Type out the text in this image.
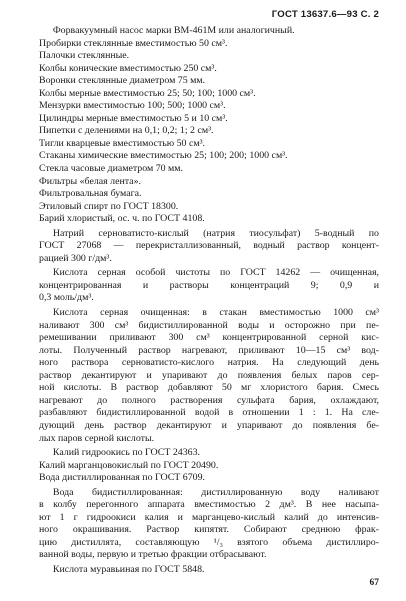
ГОСТ 13637.6—93 С. 2
Форвакуумный насос марки ВМ-461М или аналогичный.
Пробирки стеклянные вместимостью 50 см³.
Палочки стеклянные.
Колбы конические вместимостью 250 см³.
Воронки стеклянные диаметром 75 мм.
Колбы мерные вместимостью 25; 50; 100; 1000 см³.
Мензурки вместимостью 100; 500; 1000 см³.
Цилиндры мерные вместимостью 5 и 10 см³.
Пипетки с делениями на 0,1; 0,2; 1; 2 см³.
Тигли кварцевые вместимостью 50 см³.
Стаканы химические вместимостью 25; 100; 200; 1000 см³.
Стекла часовые диаметром 70 мм.
Фильтры «белая лента».
Фильтровальная бумага.
Этиловый спирт по ГОСТ 18300.
Барий хлористый, ос. ч. по ГОСТ 4108.
Натрий серноватисто-кислый (натрия тиосульфат) 5-водный по
ГОСТ 27068 — перекристаллизованный, водный раствор концент-
рацией 300 г/дм³.
Кислота серная особой чистоты по ГОСТ 14262 — очищенная,
концентрированная и растворы концентраций 9; 0,9 и
0,3 моль/дм³.
Кислота серная очищенная: в стакан вместимостью 1000 см³
наливают 300 см³ бидистиллированной воды и осторожно при пе-
ремешивании приливают 300 см³ концентрированной серной кис-
лоты. Полученный раствор нагревают, приливают 10—15 см³ вод-
ного раствора серноватисто-кислого натрия. На следующий день
раствор декантируют и упаривают до появления белых паров сер-
ной кислоты. В раствор добавляют 50 мг хлористого бария. Смесь
нагревают до полного растворения сульфата бария, охлаждают,
разбавляют бидистиллированной водой в отношении 1 : 1. На сле-
дующий день раствор декантируют и упаривают до появления бе-
лых паров серной кислоты.
Калий гидроокись по ГОСТ 24363.
Калий марганцовокислый по ГОСТ 20490.
Вода дистиллированная по ГОСТ 6709.
Вода бидистиллированная: дистиллированную воду наливают
в колбу перегонного аппарата вместимостью 2 дм³. В нее насыпа-
ют 1 г гидроокиси калия и марганцево-кислый калий до интенсив-
ного окрашивания. Раствор кипятят. Собирают среднюю фрак-
цию дистиллята, составляющую ¹/₃ взятого объема дистиллиро-
ванной воды, первую и третью фракции отбрасывают.
Кислота муравьиная по ГОСТ 5848.
67
